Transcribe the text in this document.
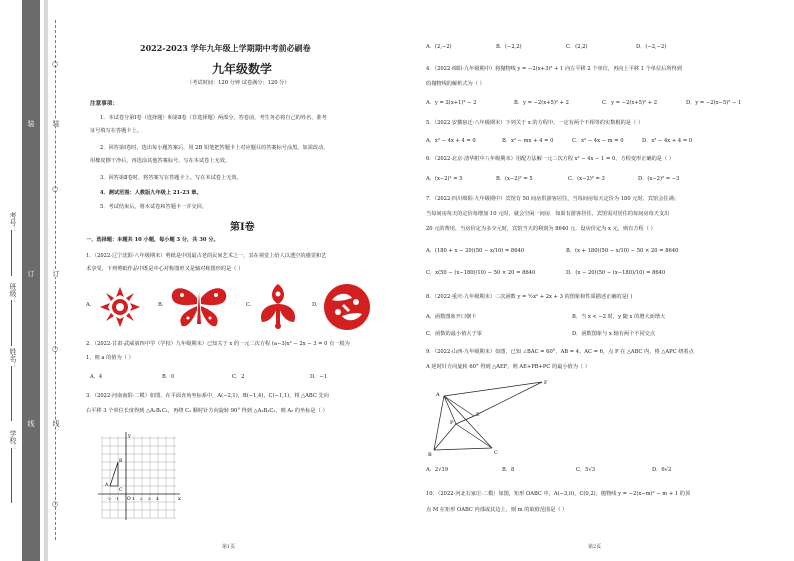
装
订
线
学校：
姓名：
班级：
考号：
○
装
○
订
○
线
○
2022-2023 学年九年级上学期期中考前必刷卷
九年级数学
（考试时间：120 分钟 试卷满分：120 分）
注意事项：
1．本试卷分第Ⅰ卷（选择题）和第Ⅱ卷（非选择题）两部分。答卷前，考生务必将自己的姓名、准考
证号填写在答题卡上。
2．回答第Ⅰ卷时，选出每小题答案后，用 2B 铅笔把答题卡上对应题目的答案标号涂黑。如需改动，
用橡皮擦干净后，再选涂其他答案标号。写在本试卷上无效。
3．回答第Ⅱ卷时，将答案写在答题卡上。写在本试卷上无效。
4．测试范围：人教版九年级上 21-23 章。
5．考试结束后，将本试卷和答题卡一并交回。
第Ⅰ卷
一、选择题：本题共 10 小题，每小题 3 分，共 30 分。
1．（2022·辽宁沈阳·八年级期末）剪纸是中国最古老的民间艺术之一，其在视觉上给人以透空的感觉和艺
术享受，下列剪纸作品中既是中心对称图形又是轴对称图形的是（ ）
A.	B.	C.	D.
2．（2022·甘肃·武威第四中学（学校）九年级期末）已知关于 x 的一元二次方程 (a−3)x² − 2x − 3 = 0 有一根为
1，则 a 的值为（ ）
A．4	B．0	C．2	D．−1
3．（2022·河南南阳·二模）如图，在平面直角坐标系中，A(−2,1)，B(−1,4)，C(−1,1)，将 △ABC 先向
右平移 3 个单位长度得到 △A₁B₁C₁，再绕 C₁ 顺时针方向旋转 90° 得到 △A₂B₂C₁，则 A₂ 的坐标是（ ）
y
x
O
A
B
C
-2 -1	1 2 3 4
第1页
A．(2,−2)	B．(−2,2)	C．(2,2)	D．(−2,−2)
4．（2022·绵阳·九年级期中）将抛物线 y = −2(x+3)² + 1 向左平移 2 个单位，再向上平移 1 个单位后所得到
的抛物线的解析式为（ ）
A．y = 2(x+1)² − 2	B．y = −2(x+5)² + 2	C．y = −2(x+5)² + 2	D．y = −2(x−5)² − 1
5．（2022·安徽宿迁·八年级期末）下列关于 x 的方程中，一定有两个不相等的实数根的是（ ）
A．x² − 4x + 4 = 0	B．x² − mx + 4 = 0	C．x² − 4x − m = 0	D．x² − 4x + 4 = 0
6．（2022·北京·清华附中八年级期末）用配方法解一元二次方程 x² − 4x − 1 = 0，方程变形正确的是（ ）
A．(x−2)² = 5	B．(x−2)² = 5	C．(x−2)² = 3	D．(x−2)² = −3
7．（2022·四川绵阳·九年级期中）宾馆有 50 间房供游客居住，当每间房每天定价为 180 元时，宾馆会住满；
当每间房每天的定价每增加 10 元时，就会空闲一间房．如果有游客居住，宾馆需对居住的每间房每天支出
20 元的费用，当房价定为多少元时，宾馆当天的利润为 8640 元．设房价定为 x 元，则有方程（ ）
A．(180 + x − 20)(50 − x/10) = 8640	B．(x + 180)(50 − x/10) − 50 × 20 = 8640
C．x(50 − (x−180)/10) − 50 × 20 = 8640	D．(x − 20)(50 − (x−180)/10) = 8640
8．（2022·重庆·九年级期末）二次函数 y = ½x² + 2x + 3 的图象和性质描述正确的是( )
A．函数图象开口朝下	B．当 x < −2 时，y 随 x 的增大而增大
C．函数的最小值大于零	D．函数图象与 x 轴有两个不同交点
9．（2022·山西·九年级期末）如图，已知 ∠BAC = 60°，AB = 4，AC = 6，点 P 在 △ABC 内，将 △APC 绕着点
A 逆时针方向旋转 60° 得到 △AEF，则 AE+PB+PC 的最小值为（ ）
F
A
E
P
B	C
A．2√19	B．8	C．5√3	D．6√2
10．（2022·河北石家庄·二模）如图，矩形 OABC 中，A(−3,0)，C(0,2)，抛物线 y = −2(x−m)² − m + 1 的顶
点 M 在矩形 OABC 内部或其边上，则 m 的取值范围是（ ）
第2页
